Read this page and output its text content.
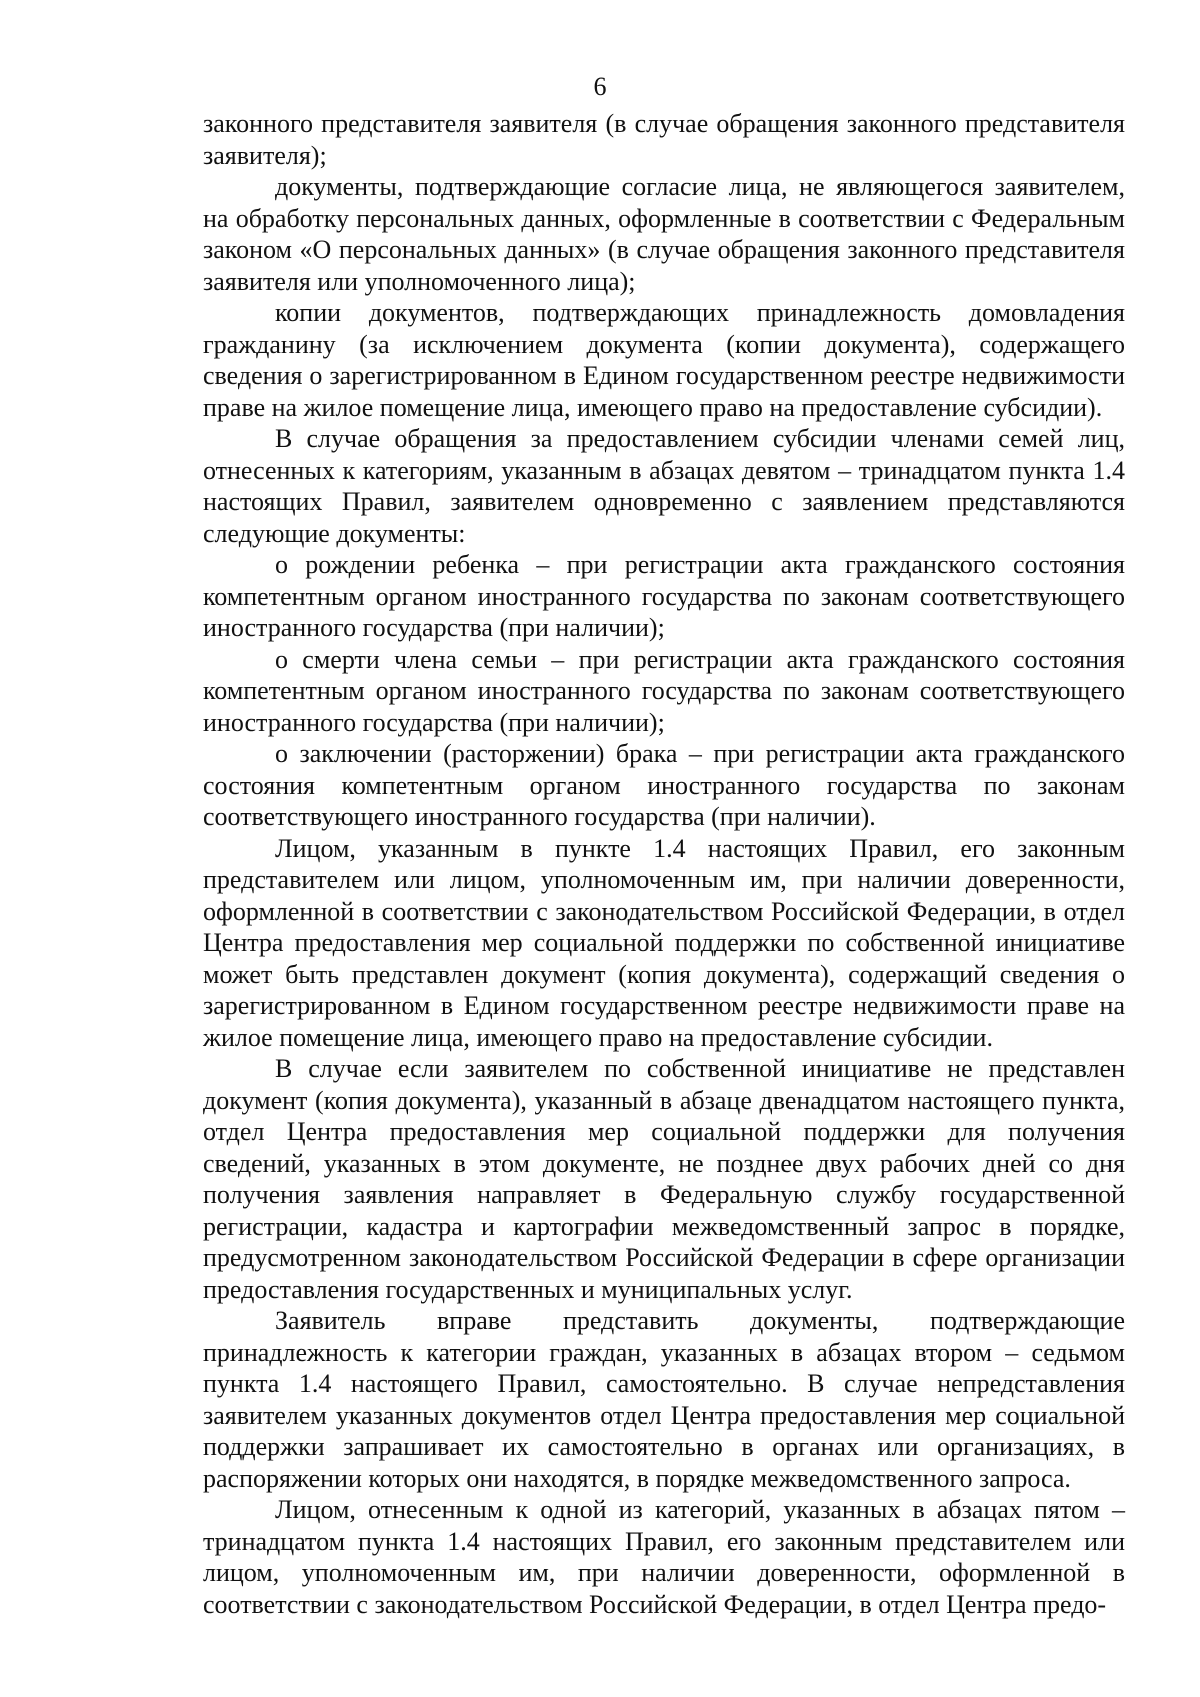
6

законного представителя заявителя (в случае обращения законного представителя заявителя);

документы, подтверждающие согласие лица, не являющегося заявителем, на обработку персональных данных, оформленные в соответствии с Федеральным законом «О персональных данных» (в случае обращения законного представителя заявителя или уполномоченного лица);

копии документов, подтверждающих принадлежность домовладения гражданину (за исключением документа (копии документа), содержащего сведения о зарегистрированном в Едином государственном реестре недвижимости праве на жилое помещение лица, имеющего право на предоставление субсидии).

В случае обращения за предоставлением субсидии членами семей лиц, отнесенных к категориям, указанным в абзацах девятом – тринадцатом пункта 1.4 настоящих Правил, заявителем одновременно с заявлением представляются следующие документы:

о рождении ребенка – при регистрации акта гражданского состояния компетентным органом иностранного государства по законам соответствующего иностранного государства (при наличии);

о смерти члена семьи – при регистрации акта гражданского состояния компетентным органом иностранного государства по законам соответствующего иностранного государства (при наличии);

о заключении (расторжении) брака – при регистрации акта гражданского состояния компетентным органом иностранного государства по законам соответствующего иностранного государства (при наличии).

Лицом, указанным в пункте 1.4 настоящих Правил, его законным представителем или лицом, уполномоченным им, при наличии доверенности, оформленной в соответствии с законодательством Российской Федерации, в отдел Центра предоставления мер социальной поддержки по собственной инициативе может быть представлен документ (копия документа), содержащий сведения о зарегистрированном в Едином государственном реестре недвижимости праве на жилое помещение лица, имеющего право на предоставление субсидии.

В случае если заявителем по собственной инициативе не представлен документ (копия документа), указанный в абзаце двенадцатом настоящего пункта, отдел Центра предоставления мер социальной поддержки для получения сведений, указанных в этом документе, не позднее двух рабочих дней со дня получения заявления направляет в Федеральную службу государственной регистрации, кадастра и картографии межведомственный запрос в порядке, предусмотренном законодательством Российской Федерации в сфере организации предоставления государственных и муниципальных услуг.

Заявитель вправе представить документы, подтверждающие принадлежность к категории граждан, указанных в абзацах втором – седьмом пункта 1.4 настоящего Правил, самостоятельно. В случае непредставления заявителем указанных документов отдел Центра предоставления мер социальной поддержки запрашивает их самостоятельно в органах или организациях, в распоряжении которых они находятся, в порядке межведомственного запроса.

Лицом, отнесенным к одной из категорий, указанных в абзацах пятом – тринадцатом пункта 1.4 настоящих Правил, его законным представителем или лицом, уполномоченным им, при наличии доверенности, оформленной в соответствии с законодательством Российской Федерации, в отдел Центра предо-
